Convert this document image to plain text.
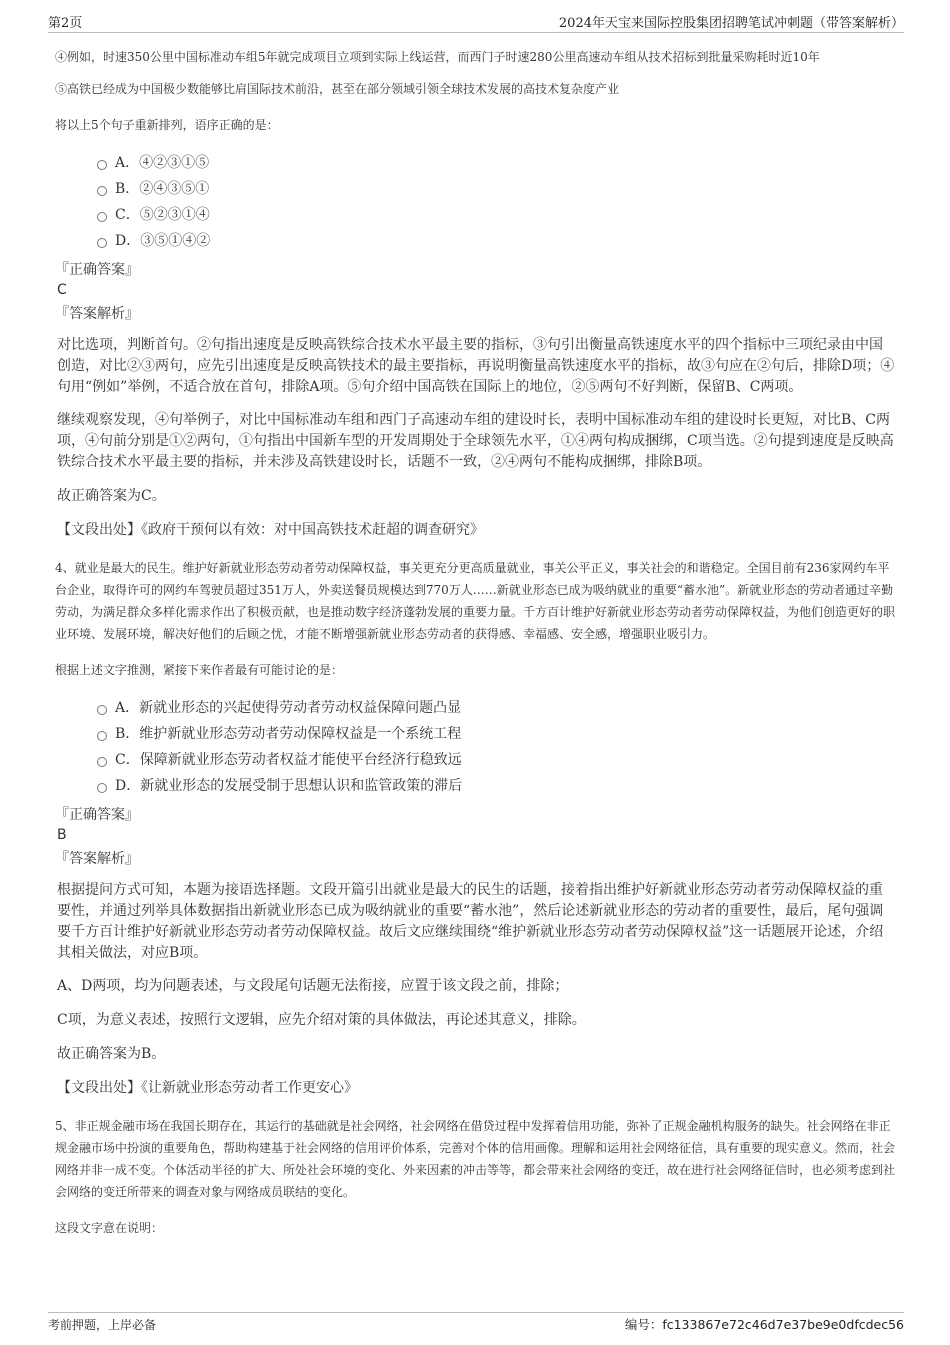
第2页	2024年天宝来国际控股集团招聘笔试冲刺题（带答案解析）

④例如，时速350公里中国标准动车组5年就完成项目立项到实际上线运营，而西门子时速280公里高速动车组从技术招标到批量采购耗时近10年

⑤高铁已经成为中国极少数能够比肩国际技术前沿，甚至在部分领域引领全球技术发展的高技术复杂度产业

将以上5个句子重新排列，语序正确的是：

A．④②③①⑤
B．②④③⑤①
C．⑤②③①④
D．③⑤①④②

『正确答案』

C

『答案解析』

对比选项，判断首句。②句指出速度是反映高铁综合技术水平最主要的指标，③句引出衡量高铁速度水平的四个指标中三项纪录由中国创造，对比②③两句，应先引出速度是反映高铁技术的最主要指标，再说明衡量高铁速度水平的指标，故③句应在②句后，排除D项；④句用“例如”举例，不适合放在首句，排除A项。⑤句介绍中国高铁在国际上的地位，②⑤两句不好判断，保留B、C两项。

继续观察发现，④句举例子，对比中国标准动车组和西门子高速动车组的建设时长，表明中国标准动车组的建设时长更短，对比B、C两项，④句前分别是①②两句，①句指出中国新车型的开发周期处于全球领先水平，①④两句构成捆绑，C项当选。②句提到速度是反映高铁综合技术水平最主要的指标，并未涉及高铁建设时长，话题不一致，②④两句不能构成捆绑，排除B项。

故正确答案为C。

【文段出处】《政府干预何以有效：对中国高铁技术赶超的调查研究》

4、就业是最大的民生。维护好新就业形态劳动者劳动保障权益，事关更充分更高质量就业，事关公平正义，事关社会的和谐稳定。全国目前有236家网约车平台企业，取得许可的网约车驾驶员超过351万人，外卖送餐员规模达到770万人……新就业形态已成为吸纳就业的重要“蓄水池”。新就业形态的劳动者通过辛勤劳动，为满足群众多样化需求作出了积极贡献，也是推动数字经济蓬勃发展的重要力量。千方百计维护好新就业形态劳动者劳动保障权益，为他们创造更好的职业环境、发展环境，解决好他们的后顾之忧，才能不断增强新就业形态劳动者的获得感、幸福感、安全感，增强职业吸引力。

根据上述文字推测，紧接下来作者最有可能讨论的是：

A．新就业形态的兴起使得劳动者劳动权益保障问题凸显
B．维护新就业形态劳动者劳动保障权益是一个系统工程
C．保障新就业形态劳动者权益才能使平台经济行稳致远
D．新就业形态的发展受制于思想认识和监管政策的滞后

『正确答案』

B

『答案解析』

根据提问方式可知，本题为接语选择题。文段开篇引出就业是最大的民生的话题，接着指出维护好新就业形态劳动者劳动保障权益的重要性，并通过列举具体数据指出新就业形态已成为吸纳就业的重要“蓄水池”，然后论述新就业形态的劳动者的重要性，最后，尾句强调要千方百计维护好新就业形态劳动者劳动保障权益。故后文应继续围绕“维护新就业形态劳动者劳动保障权益”这一话题展开论述，介绍其相关做法，对应B项。

A、D两项，均为问题表述，与文段尾句话题无法衔接，应置于该文段之前，排除；

C项，为意义表述，按照行文逻辑，应先介绍对策的具体做法，再论述其意义，排除。

故正确答案为B。

【文段出处】《让新就业形态劳动者工作更安心》

5、非正规金融市场在我国长期存在，其运行的基础就是社会网络，社会网络在借贷过程中发挥着信用功能，弥补了正规金融机构服务的缺失。社会网络在非正规金融市场中扮演的重要角色，帮助构建基于社会网络的信用评价体系，完善对个体的信用画像。理解和运用社会网络征信，具有重要的现实意义。然而，社会网络并非一成不变。个体活动半径的扩大、所处社会环境的变化、外来因素的冲击等等，都会带来社会网络的变迁，故在进行社会网络征信时，也必须考虑到社会网络的变迁所带来的调查对象与网络成员联结的变化。

这段文字意在说明：

考前押题，上岸必备	编号：fc133867e72c46d7e37be9e0dfcdec56
